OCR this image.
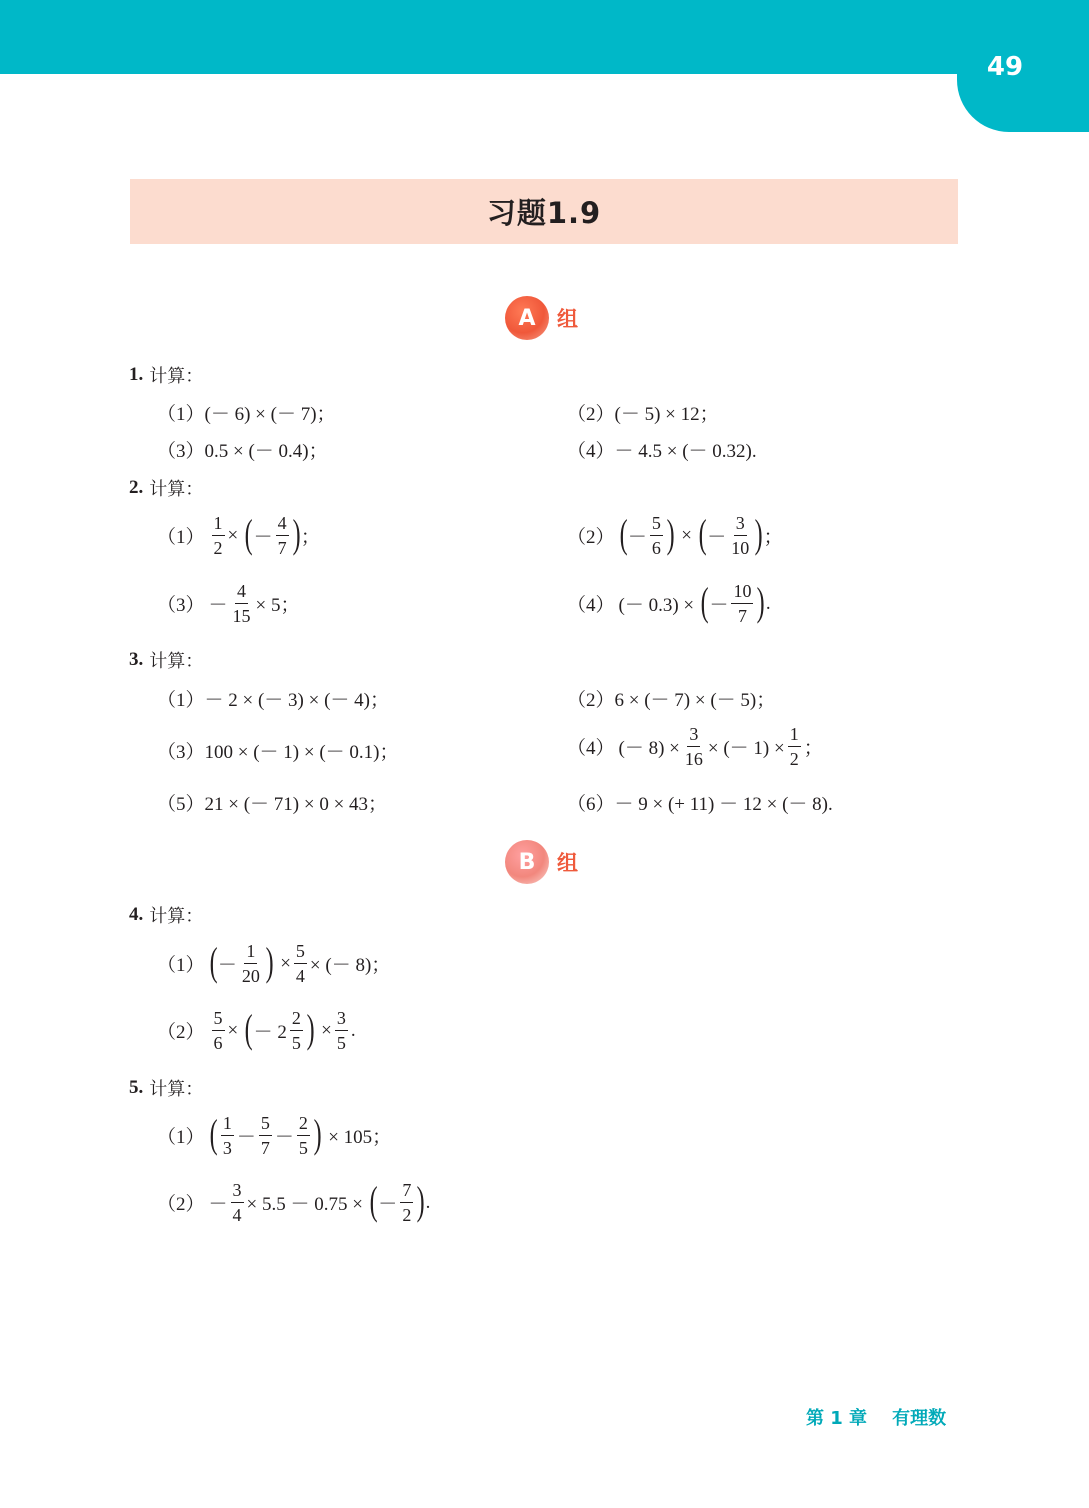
49
习题1.9
A	组
1. 计算：
（1）(－ 6) × (－ 7)；	（2）(－ 5) × 12；
（3）0.5 × (－ 0.4)；	（4）－ 4.5 × (－ 0.32).
2. 计算：
$(1) \frac{1}{2}$ × ( － $\frac{4}{7}$ ) ；	（2） ( － $\frac{5}{6}$ ) × ( － $\frac{3}{10}$ ) ；
$(3) - \frac{4}{15} \times 5$；	（4） (－ 0.3) × ( － $\frac{10}{7}$ ) .
3. 计算：
（1）－ 2 × (－ 3) × (－ 4)；	（2）6 × (－ 7) × (－ 5)；
（3）100 × (－ 1) × (－ 0.1)；	（4） (－ $8) \times \frac{3}{16}$ × (－ $1) \times \frac{1}{2}$ ；
（5）21 × (－ 71) × 0 × 43；	（6）－ 9 × (+ 11) － 12 × (－ 8).
B	组
4. 计算：
（1） ( － $\frac{1}{20}$ ) × $\frac{5}{4}$ × (－ 8)；
$(2) \frac{5}{6}$ × ( － $2 \frac{2}{5}$ ) × $\frac{3}{5}$ .
5. 计算：
（1） ( $\frac{1}{3} - \frac{5}{7} - \frac{2}{5}$ ) × 105；
$(2) - \frac{3}{4} \times 5.5 - 0.75$ × ( － $\frac{7}{2}$ ) .
第 1 章    有理数
